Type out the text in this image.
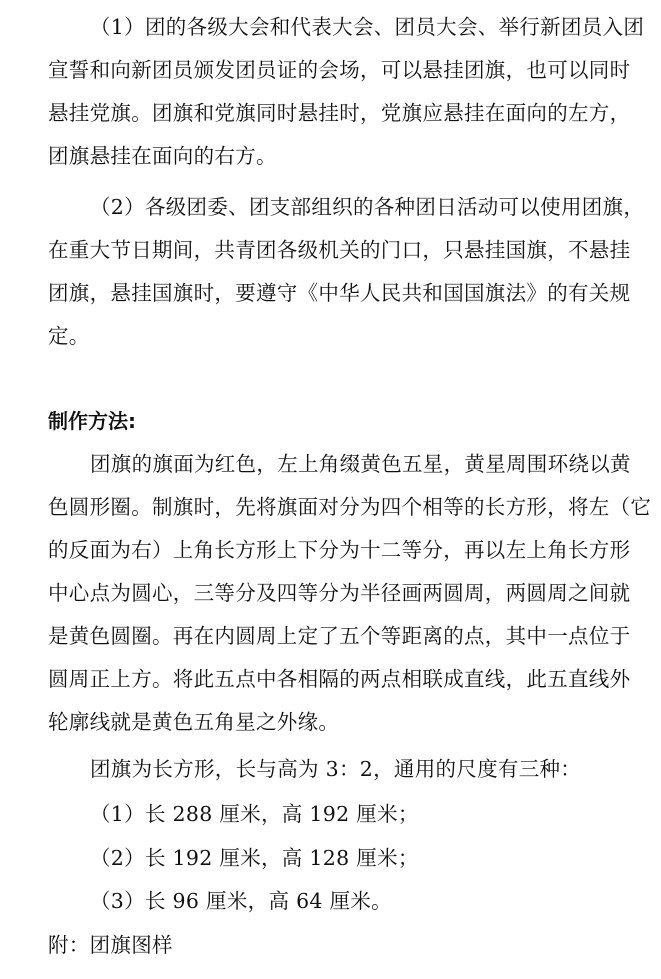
（1）团的各级大会和代表大会、团员大会、举行新团员入团
宣誓和向新团员颁发团员证的会场，可以悬挂团旗，也可以同时
悬挂党旗。团旗和党旗同时悬挂时，党旗应悬挂在面向的左方，
团旗悬挂在面向的右方。
（2）各级团委、团支部组织的各种团日活动可以使用团旗，
在重大节日期间，共青团各级机关的门口，只悬挂国旗，不悬挂
团旗，悬挂国旗时，要遵守《中华人民共和国国旗法》的有关规
定。
制作方法:
团旗的旗面为红色，左上角缀黄色五星，黄星周围环绕以黄
色圆形圈。制旗时，先将旗面对分为四个相等的长方形，将左（它
的反面为右）上角长方形上下分为十二等分，再以左上角长方形
中心点为圆心，三等分及四等分为半径画两圆周，两圆周之间就
是黄色圆圈。再在内圆周上定了五个等距离的点，其中一点位于
圆周正上方。将此五点中各相隔的两点相联成直线，此五直线外
轮廓线就是黄色五角星之外缘。
团旗为长方形，长与高为 3：2，通用的尺度有三种：
（1）长 288 厘米，高 192 厘米；
（2）长 192 厘米，高 128 厘米；
（3）长 96 厘米，高 64 厘米。
附：团旗图样
